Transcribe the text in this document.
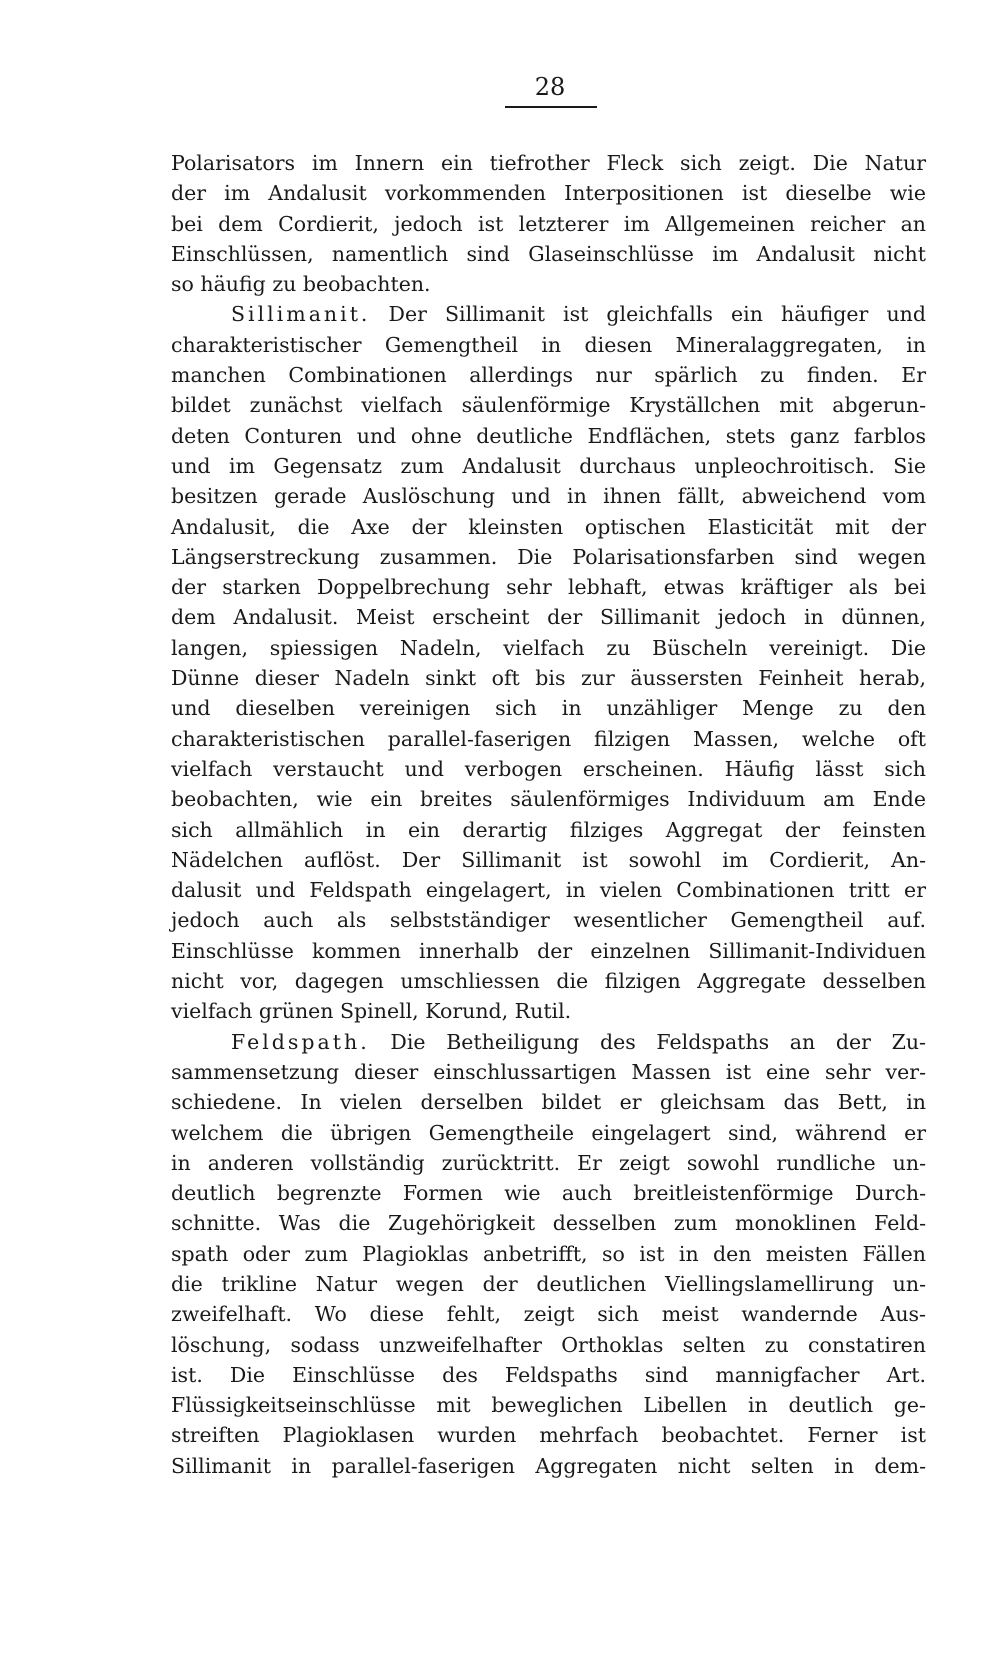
28
Polarisators im Innern ein tiefrother Fleck sich zeigt. Die Natur
der im Andalusit vorkommenden Interpositionen ist dieselbe wie
bei dem Cordierit, jedoch ist letzterer im Allgemeinen reicher an
Einschlüssen, namentlich sind Glaseinschlüsse im Andalusit nicht
so häufig zu beobachten.
Sillimanit. Der Sillimanit ist gleichfalls ein häufiger und
charakteristischer Gemengtheil in diesen Mineralaggregaten, in
manchen Combinationen allerdings nur spärlich zu finden. Er
bildet zunächst vielfach säulenförmige Kryställchen mit abgerun-
deten Conturen und ohne deutliche Endflächen, stets ganz farblos
und im Gegensatz zum Andalusit durchaus unpleochroitisch. Sie
besitzen gerade Auslöschung und in ihnen fällt, abweichend vom
Andalusit, die Axe der kleinsten optischen Elasticität mit der
Längserstreckung zusammen. Die Polarisationsfarben sind wegen
der starken Doppelbrechung sehr lebhaft, etwas kräftiger als bei
dem Andalusit. Meist erscheint der Sillimanit jedoch in dünnen,
langen, spiessigen Nadeln, vielfach zu Büscheln vereinigt. Die
Dünne dieser Nadeln sinkt oft bis zur äussersten Feinheit herab,
und dieselben vereinigen sich in unzähliger Menge zu den
charakteristischen parallel-faserigen filzigen Massen, welche oft
vielfach verstaucht und verbogen erscheinen. Häufig lässt sich
beobachten, wie ein breites säulenförmiges Individuum am Ende
sich allmählich in ein derartig filziges Aggregat der feinsten
Nädelchen auflöst. Der Sillimanit ist sowohl im Cordierit, An-
dalusit und Feldspath eingelagert, in vielen Combinationen tritt er
jedoch auch als selbstständiger wesentlicher Gemengtheil auf.
Einschlüsse kommen innerhalb der einzelnen Sillimanit-Individuen
nicht vor, dagegen umschliessen die filzigen Aggregate desselben
vielfach grünen Spinell, Korund, Rutil.
Feldspath. Die Betheiligung des Feldspaths an der Zu-
sammensetzung dieser einschlussartigen Massen ist eine sehr ver-
schiedene. In vielen derselben bildet er gleichsam das Bett, in
welchem die übrigen Gemengtheile eingelagert sind, während er
in anderen vollständig zurücktritt. Er zeigt sowohl rundliche un-
deutlich begrenzte Formen wie auch breitleistenförmige Durch-
schnitte. Was die Zugehörigkeit desselben zum monoklinen Feld-
spath oder zum Plagioklas anbetrifft, so ist in den meisten Fällen
die trikline Natur wegen der deutlichen Viellingslamellirung un-
zweifelhaft. Wo diese fehlt, zeigt sich meist wandernde Aus-
löschung, sodass unzweifelhafter Orthoklas selten zu constatiren
ist. Die Einschlüsse des Feldspaths sind mannigfacher Art.
Flüssigkeitseinschlüsse mit beweglichen Libellen in deutlich ge-
streiften Plagioklasen wurden mehrfach beobachtet. Ferner ist
Sillimanit in parallel-faserigen Aggregaten nicht selten in dem-
